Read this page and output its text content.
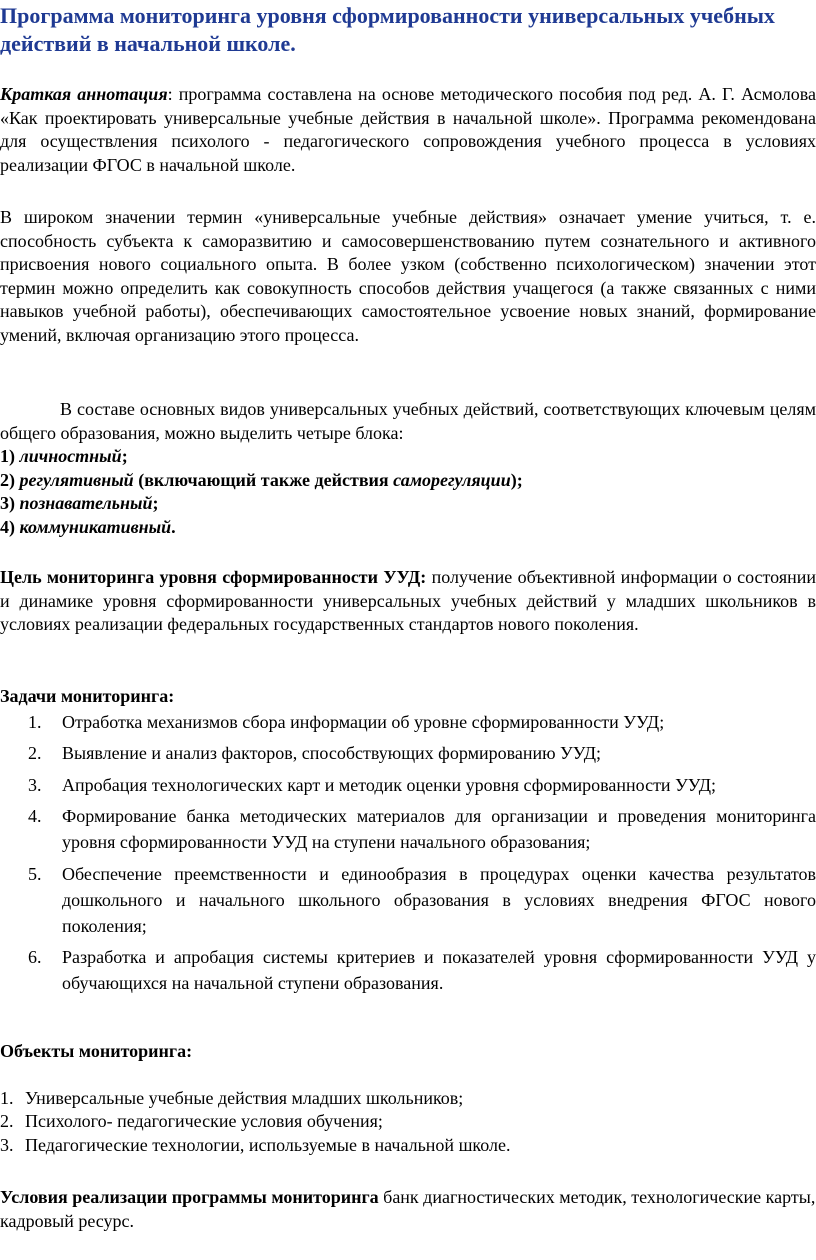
Программа мониторинга уровня сформированности универсальных учебных действий в начальной школе.

Краткая аннотация: программа составлена на основе методического пособия под ред. А. Г. Асмолова «Как проектировать универсальные учебные действия в начальной школе». Программа рекомендована для осуществления психолого - педагогического сопровождения учебного процесса в условиях реализации ФГОС в начальной школе.

В широком значении термин «универсальные учебные действия» означает умение учиться, т. е. способность субъекта к саморазвитию и самосовершенствованию путем сознательного и активного присвоения нового социального опыта. В более узком (собственно психологическом) значении этот термин можно определить как совокупность способов действия учащегося (а также связанных с ними навыков учебной работы), обеспечивающих самостоятельное усвоение новых знаний, формирование умений, включая организацию этого процесса.

В составе основных видов универсальных учебных действий, соответствующих ключевым целям общего образования, можно выделить четыре блока:

1) личностный;

2) регулятивный (включающий также действия саморегуляции);

3) познавательный;

4) коммуникативный.

Цель мониторинга уровня сформированности УУД: получение объективной информации о состоянии и динамике уровня сформированности универсальных учебных действий у младших школьников в условиях реализации федеральных государственных стандартов нового поколения.

Задачи мониторинга:

1. Отработка механизмов сбора информации об уровне сформированности УУД;
2. Выявление и анализ факторов, способствующих формированию УУД;
3. Апробация технологических карт и методик оценки уровня сформированности УУД;
4. Формирование банка методических материалов для организации и проведения мониторинга уровня сформированности УУД на ступени начального образования;
5. Обеспечение преемственности и единообразия в процедурах оценки качества результатов дошкольного и начального школьного образования в условиях внедрения ФГОС нового поколения;
6. Разработка и апробация системы критериев и показателей уровня сформированности УУД у обучающихся на начальной ступени образования.

Объекты мониторинга:

1. Универсальные учебные действия младших школьников;
2. Психолого- педагогические условия обучения;
3. Педагогические технологии, используемые в начальной школе.

Условия реализации программы мониторинга банк диагностических методик, технологические карты, кадровый ресурс.
